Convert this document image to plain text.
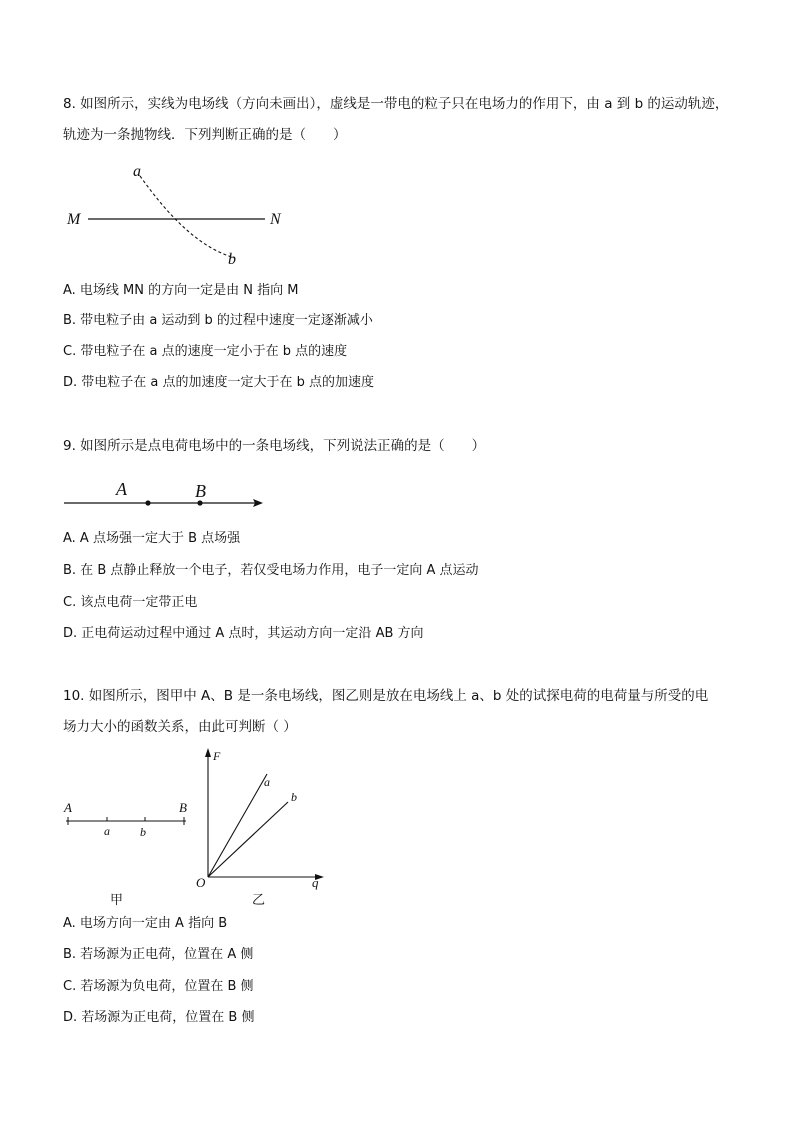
8. 如图所示，实线为电场线（方向未画出），虚线是一带电的粒子只在电场力的作用下，由 a 到 b 的运动轨迹，
轨迹为一条抛物线．下列判断正确的是（　　）
a
b
M	N
A. 电场线 MN 的方向一定是由 N 指向 M
B. 带电粒子由 a 运动到 b 的过程中速度一定逐渐减小
C. 带电粒子在 a 点的速度一定小于在 b 点的速度
D. 带电粒子在 a 点的加速度一定大于在 b 点的加速度
9. 如图所示是点电荷电场中的一条电场线，下列说法正确的是（　　）
A	B
A. A 点场强一定大于 B 点场强
B. 在 B 点静止释放一个电子，若仅受电场力作用，电子一定向 A 点运动
C. 该点电荷一定带正电
D. 正电荷运动过程中通过 A 点时，其运动方向一定沿 AB 方向
10. 如图所示，图甲中 A、B 是一条电场线，图乙则是放在电场线上 a、b 处的试探电荷的电荷量与所受的电
场力大小的函数关系，由此可判断（ ）
A	B
a	b
甲
F
q
O
a
b
乙
A. 电场方向一定由 A 指向 B
B. 若场源为正电荷，位置在 A 侧
C. 若场源为负电荷，位置在 B 侧
D. 若场源为正电荷，位置在 B 侧
